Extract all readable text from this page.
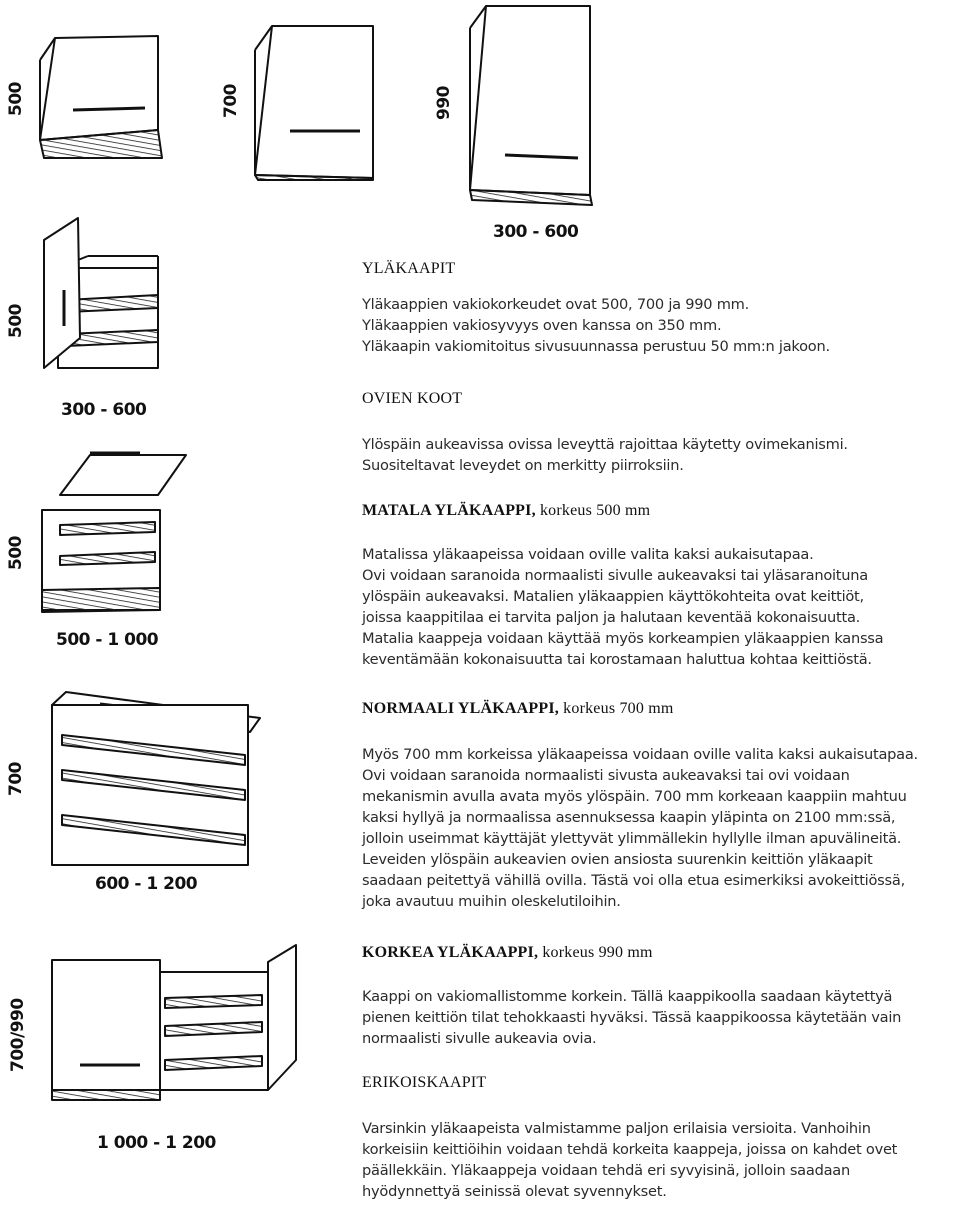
500	700	990
300 - 600
500
300 - 600
500
500 - 1 000
700
600 - 1 200
700/990
1 000 - 1 200
YLÄKAAPIT
Yläkaappien vakiokorkeudet ovat 500, 700 ja 990 mm.
Yläkaappien vakiosyvyys oven kanssa on 350 mm.
Yläkaapin vakiomitoitus sivusuunnassa perustuu 50 mm:n jakoon.
OVIEN KOOT
Ylöspäin aukeavissa ovissa leveyttä rajoittaa käytetty ovimekanismi.
Suositeltavat leveydet on merkitty piirroksiin.
MATALA YLÄKAAPPI, korkeus 500 mm
Matalissa yläkaapeissa voidaan oville valita kaksi aukaisutapaa.
Ovi voidaan saranoida normaalisti sivulle aukeavaksi tai yläsaranoituna
ylöspäin aukeavaksi. Matalien yläkaappien käyttökohteita ovat keittiöt,
joissa kaappitilaa ei tarvita paljon ja halutaan keventää kokonaisuutta.
Matalia kaappeja voidaan käyttää myös korkeampien yläkaappien kanssa
keventämään kokonaisuutta tai korostamaan haluttua kohtaa keittiöstä.
NORMAALI YLÄKAAPPI, korkeus 700 mm
Myös 700 mm korkeissa yläkaapeissa voidaan oville valita kaksi aukaisutapaa.
Ovi voidaan saranoida normaalisti sivusta aukeavaksi tai ovi voidaan
mekanismin avulla avata myös ylöspäin. 700 mm korkeaan kaappiin mahtuu
kaksi hyllyä ja normaalissa asennuksessa kaapin yläpinta on 2100 mm:ssä,
jolloin useimmat käyttäjät ylettyvät ylimmällekin hyllylle ilman apuvälineitä.
Leveiden ylöspäin aukeavien ovien ansiosta suurenkin keittiön yläkaapit
saadaan peitettyä vähillä ovilla. Tästä voi olla etua esimerkiksi avokeittiössä,
joka avautuu muihin oleskelutiloihin.
KORKEA YLÄKAAPPI, korkeus 990 mm
Kaappi on vakiomallistomme korkein. Tällä kaappikoolla saadaan käytettyä
pienen keittiön tilat tehokkaasti hyväksi. Tässä kaappikoossa käytetään vain
normaalisti sivulle aukeavia ovia.
ERIKOISKAAPIT
Varsinkin yläkaapeista valmistamme paljon erilaisia versioita. Vanhoihin
korkeisiin keittiöihin voidaan tehdä korkeita kaappeja, joissa on kahdet ovet
päällekkäin. Yläkaappeja voidaan tehdä eri syvyisinä, jolloin saadaan
hyödynnettyä seinissä olevat syvennykset.
